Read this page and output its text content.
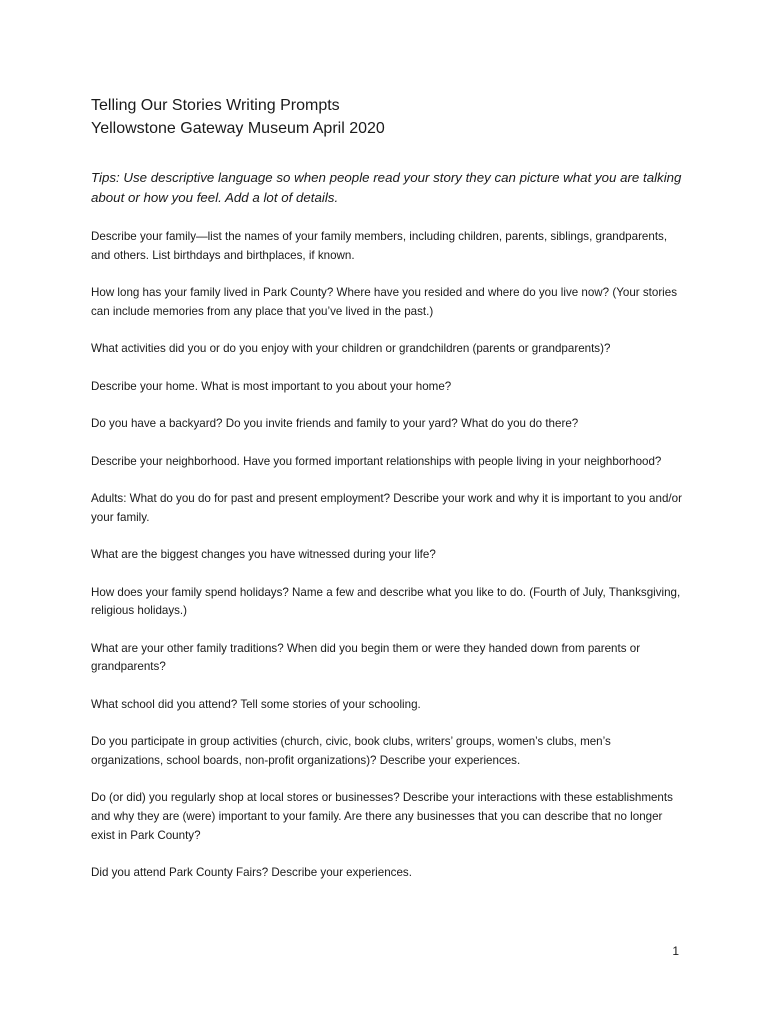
Telling Our Stories Writing Prompts
Yellowstone Gateway Museum April 2020

Tips: Use descriptive language so when people read your story they can picture what you are talking about or how you feel. Add a lot of details.

Describe your family—list the names of your family members, including children, parents, siblings, grandparents, and others. List birthdays and birthplaces, if known.

How long has your family lived in Park County? Where have you resided and where do you live now? (Your stories can include memories from any place that you’ve lived in the past.)

What activities did you or do you enjoy with your children or grandchildren (parents or grandparents)?

Describe your home. What is most important to you about your home?

Do you have a backyard? Do you invite friends and family to your yard? What do you do there?

Describe your neighborhood. Have you formed important relationships with people living in your neighborhood?

Adults: What do you do for past and present employment? Describe your work and why it is important to you and/or your family.

What are the biggest changes you have witnessed during your life?

How does your family spend holidays? Name a few and describe what you like to do. (Fourth of July, Thanksgiving, religious holidays.)

What are your other family traditions? When did you begin them or were they handed down from parents or grandparents?

What school did you attend? Tell some stories of your schooling.

Do you participate in group activities (church, civic, book clubs, writers’ groups, women’s clubs, men’s organizations, school boards, non-profit organizations)? Describe your experiences.

Do (or did) you regularly shop at local stores or businesses? Describe your interactions with these establishments and why they are (were) important to your family. Are there any businesses that you can describe that no longer exist in Park County?

Did you attend Park County Fairs? Describe your experiences.

1
